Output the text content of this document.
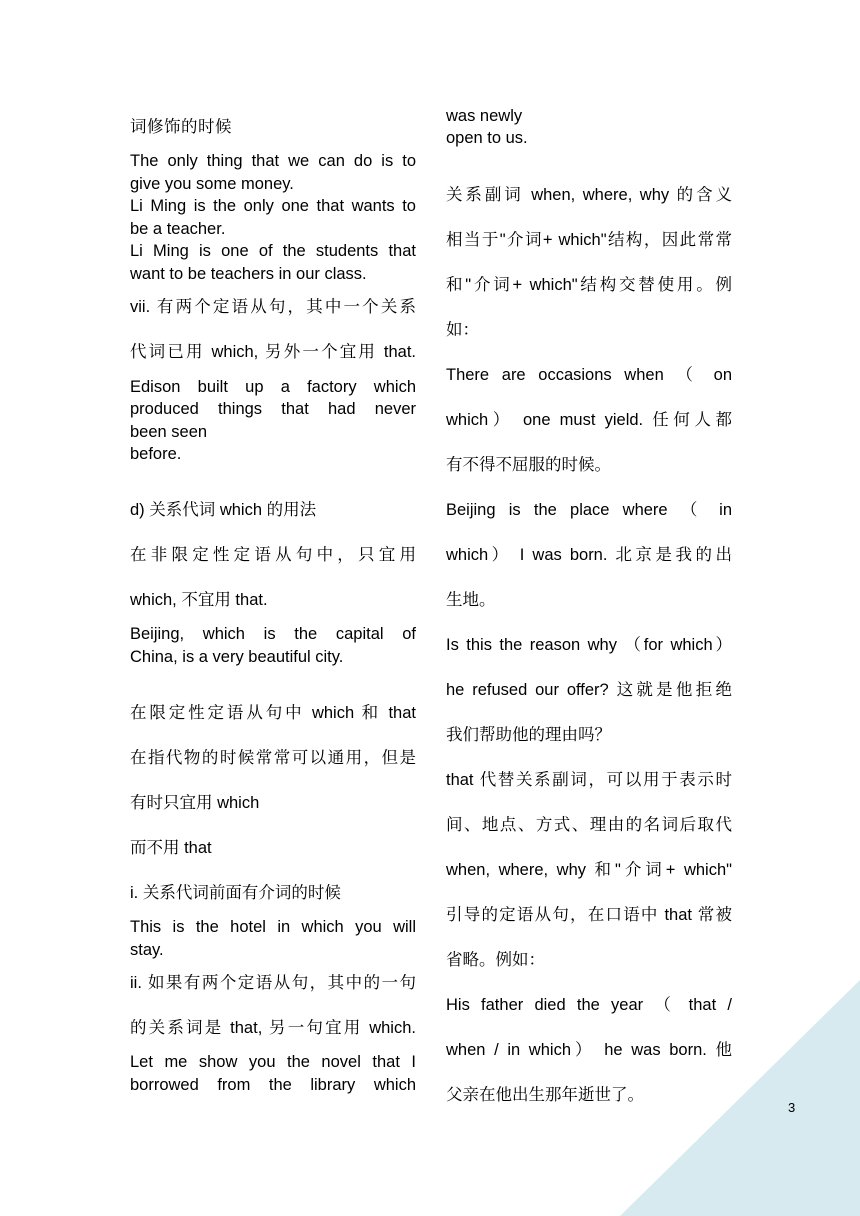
词修饰的时候
The only thing that we can do is to
give you some money.
Li Ming is the only one that wants to
be a teacher.
Li Ming is one of the students that
want to be teachers in our class.
vii. 有两个定语从句，其中一个关系
代词已用 which, 另外一个宜用 that.
Edison built up a factory which
produced things that had never
been seen
before.
d) 关系代词 which 的用法
在非限定性定语从句中，只宜用
which, 不宜用 that.
Beijing, which is the capital of
China, is a very beautiful city.
在限定性定语从句中 which 和 that
在指代物的时候常常可以通用，但是
有时只宜用 which
而不用 that
i. 关系代词前面有介词的时候
This is the hotel in which you will
stay.
ii. 如果有两个定语从句，其中的一句
的关系词是 that, 另一句宜用 which.
Let me show you the novel that I
borrowed from the library which
was newly
open to us.
关系副词 when, where, why 的含义
相当于"介词+ which"结构，因此常常
和"介词+ which"结构交替使用。例
如：
There are occasions when （ on
which） one must yield. 任何人都
有不得不屈服的时候。
Beijing is the place where （ in
which） I was born. 北京是我的出
生地。
Is this the reason why （for which）
he refused our offer? 这就是他拒绝
我们帮助他的理由吗？
that 代替关系副词，可以用于表示时
间、地点、方式、理由的名词后取代
when, where, why 和"介词+ which"
引导的定语从句，在口语中 that 常被
省略。例如：
His father died the year （ that /
when / in which） he was born. 他
父亲在他出生那年逝世了。
3
